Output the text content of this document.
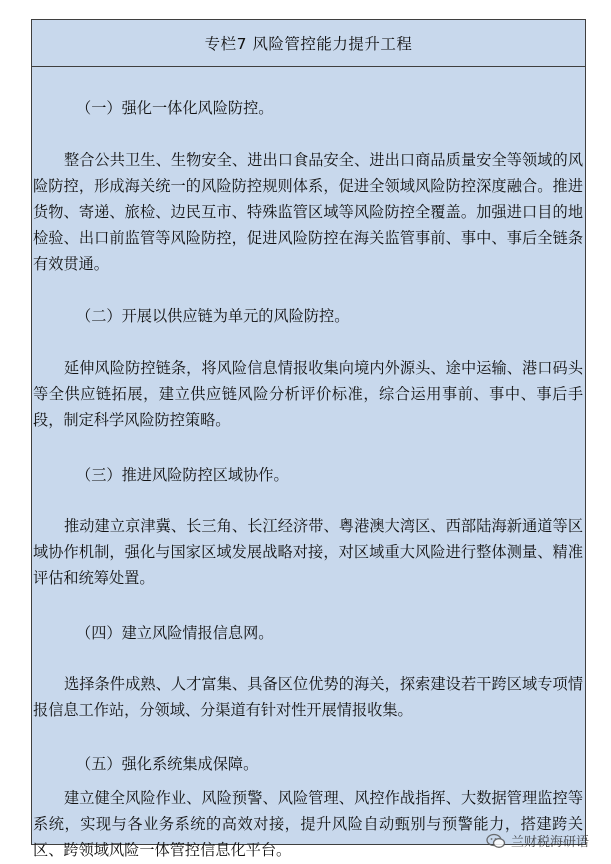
专栏7 风险管控能力提升工程
（一）强化一体化风险防控。
整合公共卫生、生物安全、进出口食品安全、进出口商品质量安全等领域的风险防控，形成海关统一的风险防控规则体系，促进全领域风险防控深度融合。推进货物、寄递、旅检、边民互市、特殊监管区域等风险防控全覆盖。加强进口目的地检验、出口前监管等风险防控，促进风险防控在海关监管事前、事中、事后全链条有效贯通。
（二）开展以供应链为单元的风险防控。
延伸风险防控链条，将风险信息情报收集向境内外源头、途中运输、港口码头等全供应链拓展，建立供应链风险分析评价标准，综合运用事前、事中、事后手段，制定科学风险防控策略。
（三）推进风险防控区域协作。
推动建立京津冀、长三角、长江经济带、粤港澳大湾区、西部陆海新通道等区域协作机制，强化与国家区域发展战略对接，对区域重大风险进行整体测量、精准评估和统筹处置。
（四）建立风险情报信息网。
选择条件成熟、人才富集、具备区位优势的海关，探索建设若干跨区域专项情报信息工作站，分领域、分渠道有针对性开展情报收集。
（五）强化系统集成保障。
建立健全风险作业、风险预警、风险管理、风控作战指挥、大数据管理监控等系统，实现与各业务系统的高效对接，提升风险自动甄别与预警能力，搭建跨关区、跨领域风险一体管控信息化平台。	兰财税海研语
